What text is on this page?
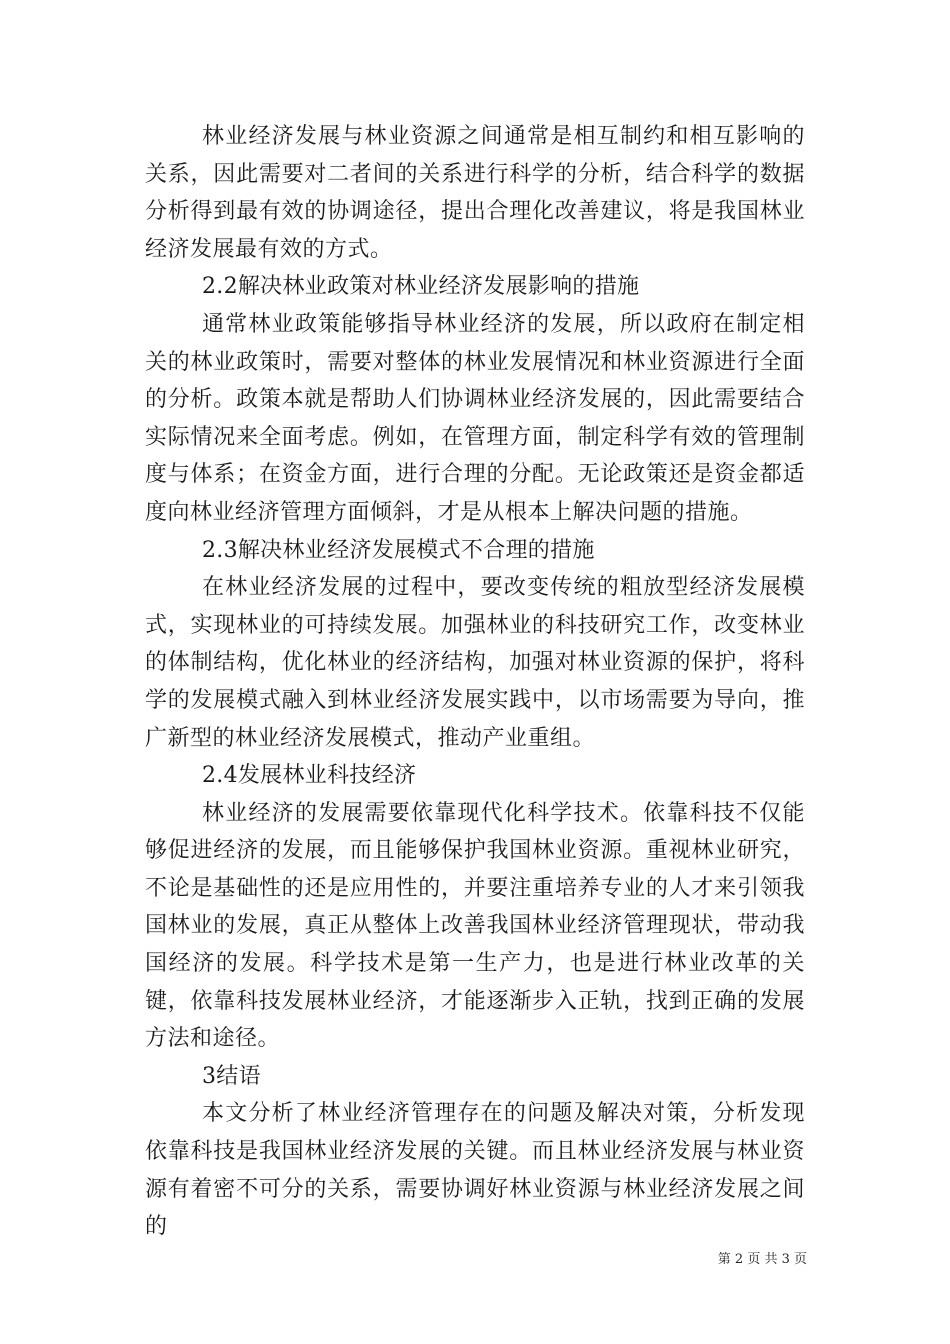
林业经济发展与林业资源之间通常是相互制约和相互影响的关系，因此需要对二者间的关系进行科学的分析，结合科学的数据分析得到最有效的协调途径，提出合理化改善建议，将是我国林业经济发展最有效的方式。

2.2解决林业政策对林业经济发展影响的措施

通常林业政策能够指导林业经济的发展，所以政府在制定相关的林业政策时，需要对整体的林业发展情况和林业资源进行全面的分析。政策本就是帮助人们协调林业经济发展的，因此需要结合实际情况来全面考虑。例如，在管理方面，制定科学有效的管理制度与体系；在资金方面，进行合理的分配。无论政策还是资金都适度向林业经济管理方面倾斜，才是从根本上解决问题的措施。

2.3解决林业经济发展模式不合理的措施

在林业经济发展的过程中，要改变传统的粗放型经济发展模式，实现林业的可持续发展。加强林业的科技研究工作，改变林业的体制结构，优化林业的经济结构，加强对林业资源的保护，将科学的发展模式融入到林业经济发展实践中，以市场需要为导向，推广新型的林业经济发展模式，推动产业重组。

2.4发展林业科技经济

林业经济的发展需要依靠现代化科学技术。依靠科技不仅能够促进经济的发展，而且能够保护我国林业资源。重视林业研究，不论是基础性的还是应用性的，并要注重培养专业的人才来引领我国林业的发展，真正从整体上改善我国林业经济管理现状，带动我国经济的发展。科学技术是第一生产力，也是进行林业改革的关键，依靠科技发展林业经济，才能逐渐步入正轨，找到正确的发展方法和途径。

3结语

本文分析了林业经济管理存在的问题及解决对策，分析发现依靠科技是我国林业经济发展的关键。而且林业经济发展与林业资源有着密不可分的关系，需要协调好林业资源与林业经济发展之间的

第 2 页 共 3 页
